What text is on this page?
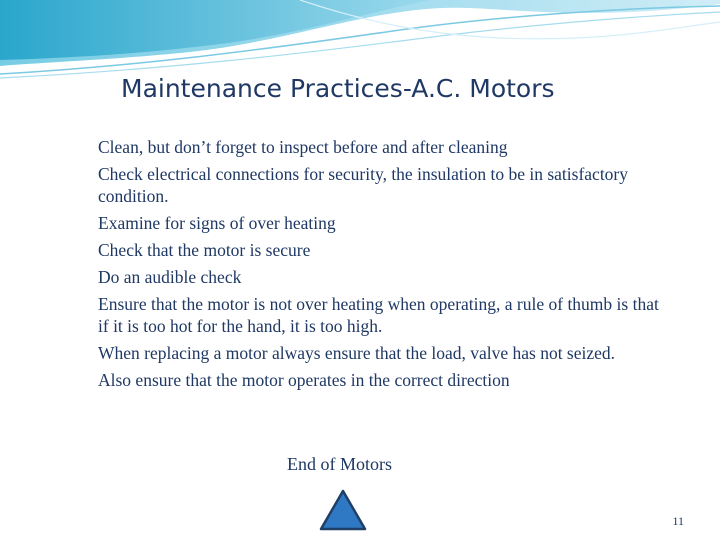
Maintenance Practices-A.C. Motors
Clean, but don’t forget to inspect before and after cleaning
Check electrical connections for security, the insulation to be in satisfactory condition.
Examine for signs of over heating
Check that the motor is secure
Do an audible check
Ensure that the motor is not over heating when operating, a rule of thumb is that if it is too hot for the hand, it is too high.
When replacing a motor always ensure that the load, valve has not seized.
Also ensure that the motor operates in the correct direction
End of Motors
11
